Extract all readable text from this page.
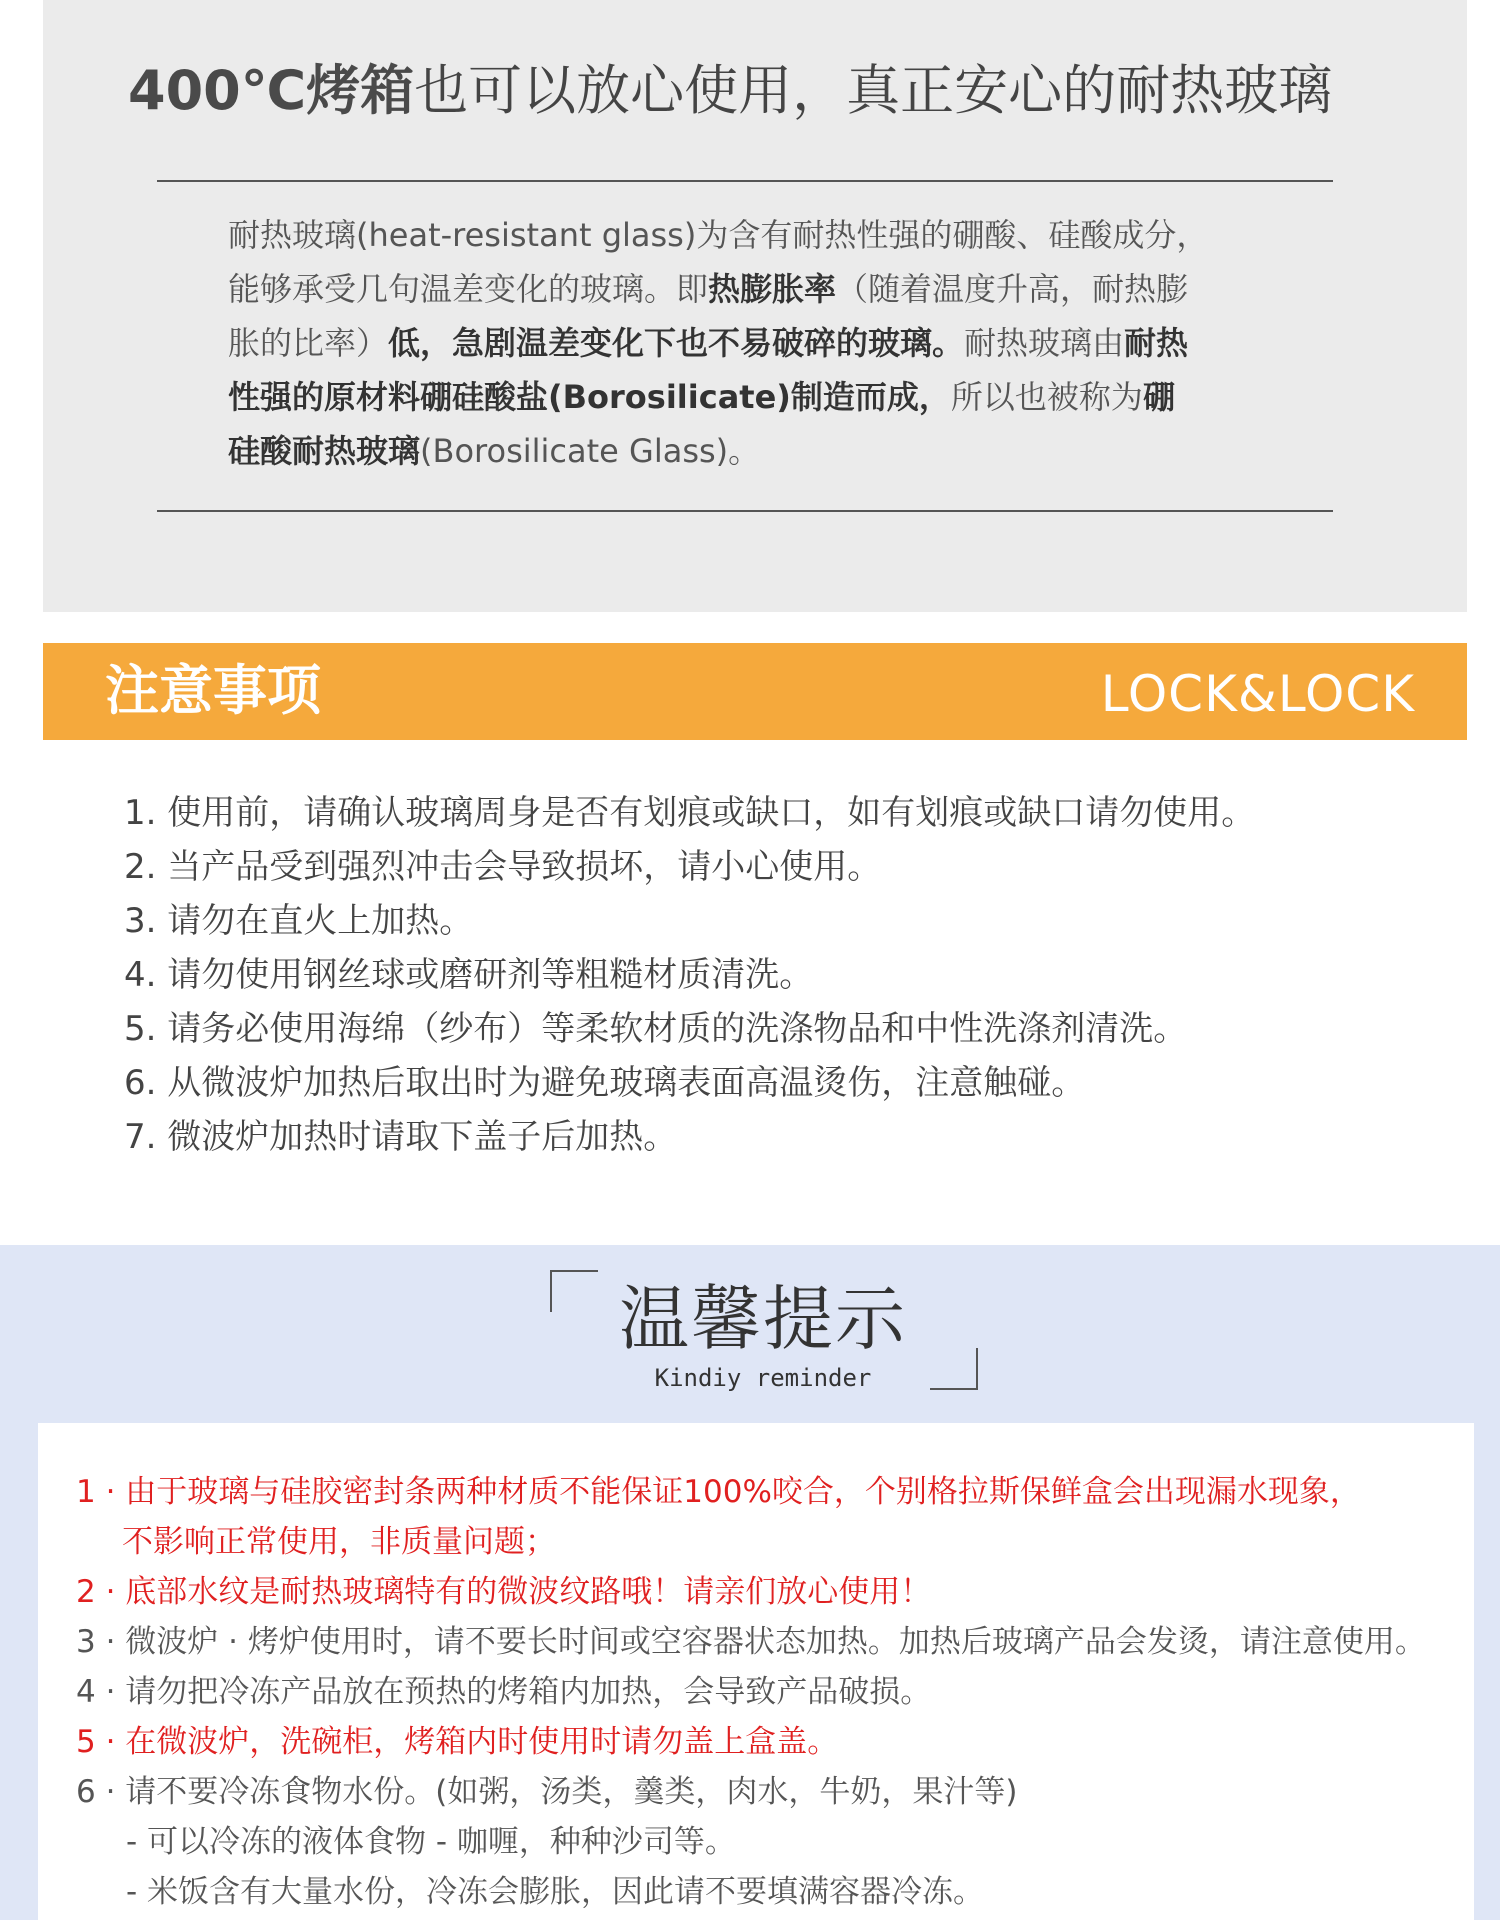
400℃烤箱也可以放心使用，真正安心的耐热玻璃

耐热玻璃(heat-resistant glass)为含有耐热性强的硼酸、硅酸成分，

能够承受几句温差变化的玻璃。即热膨胀率（随着温度升高，耐热膨

胀的比率）低，急剧温差变化下也不易破碎的玻璃。耐热玻璃由耐热

性强的原材料硼硅酸盐(Borosilicate)制造而成，所以也被称为硼

硅酸耐热玻璃(Borosilicate Glass)。

注意事项	LOCK&LOCK
1. 使用前，请确认玻璃周身是否有划痕或缺口，如有划痕或缺口请勿使用。
2. 当产品受到强烈冲击会导致损坏，请小心使用。
3. 请勿在直火上加热。
4. 请勿使用钢丝球或磨研剂等粗糙材质清洗。
5. 请务必使用海绵（纱布）等柔软材质的洗涤物品和中性洗涤剂清洗。
6. 从微波炉加热后取出时为避免玻璃表面高温烫伤，注意触碰。
7. 微波炉加热时请取下盖子后加热。
温馨提示
Kindiy reminder
1 · 由于玻璃与硅胶密封条两种材质不能保证100%咬合，个别格拉斯保鲜盒会出现漏水现象，
不影响正常使用，非质量问题；
2 · 底部水纹是耐热玻璃特有的微波纹路哦！请亲们放心使用！
3 · 微波炉 · 烤炉使用时，请不要长时间或空容器状态加热。加热后玻璃产品会发烫，请注意使用。
4 · 请勿把冷冻产品放在预热的烤箱内加热，会导致产品破损。
5 · 在微波炉，洗碗柜，烤箱内时使用时请勿盖上盒盖。
6 · 请不要冷冻食物水份。(如粥，汤类，羹类，肉水，牛奶，果汁等)
- 可以冷冻的液体食物 - 咖喱，种种沙司等。
- 米饭含有大量水份，冷冻会膨胀，因此请不要填满容器冷冻。
